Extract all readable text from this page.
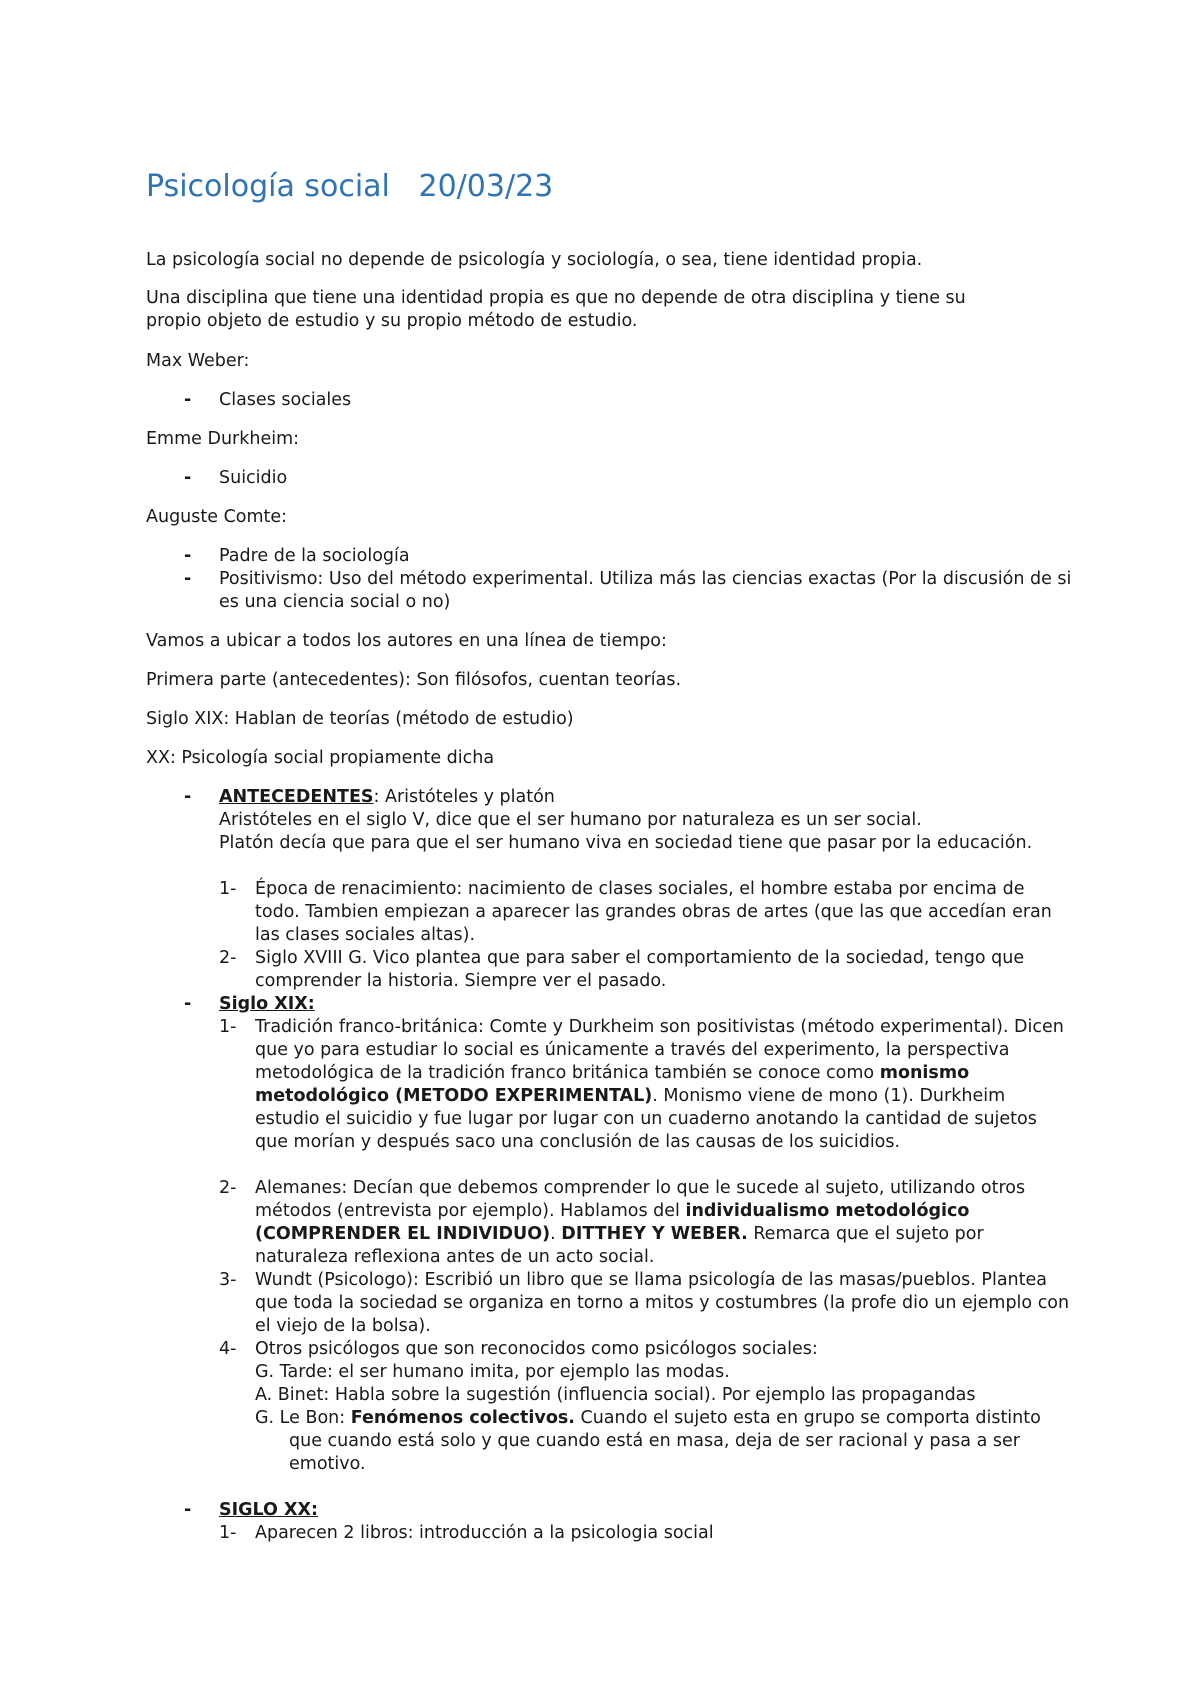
Psicología social   20/03/23

La psicología social no depende de psicología y sociología, o sea, tiene identidad propia.

Una disciplina que tiene una identidad propia es que no depende de otra disciplina y tiene su propio objeto de estudio y su propio método de estudio.

Max Weber:

- Clases sociales

Emme Durkheim:

- Suicidio

Auguste Comte:

- Padre de la sociología

- Positivismo: Uso del método experimental. Utiliza más las ciencias exactas (Por la discusión de si es una ciencia social o no)

Vamos a ubicar a todos los autores en una línea de tiempo:

Primera parte (antecedentes): Son filósofos, cuentan teorías.

Siglo XIX: Hablan de teorías (método de estudio)

XX: Psicología social propiamente dicha

- ANTECEDENTES: Aristóteles y platón
Aristóteles en el siglo V, dice que el ser humano por naturaleza es un ser social.
Platón decía que para que el ser humano viva en sociedad tiene que pasar por la educación.
1- Época de renacimiento: nacimiento de clases sociales, el hombre estaba por encima de todo. Tambien empiezan a aparecer las grandes obras de artes (que las que accedían eran las clases sociales altas).

2- Siglo XVIII G. Vico plantea que para saber el comportamiento de la sociedad, tengo que comprender la historia. Siempre ver el pasado.

- Siglo XIX:

1- Tradición franco-británica: Comte y Durkheim son positivistas (método experimental). Dicen que yo para estudiar lo social es únicamente a través del experimento, la perspectiva metodológica de la tradición franco británica también se conoce como monismo metodológico (METODO EXPERIMENTAL). Monismo viene de mono (1). Durkheim estudio el suicidio y fue lugar por lugar con un cuaderno anotando la cantidad de sujetos que morían y después saco una conclusión de las causas de los suicidios.

2- Alemanes: Decían que debemos comprender lo que le sucede al sujeto, utilizando otros métodos (entrevista por ejemplo). Hablamos del individualismo metodológico (COMPRENDER EL INDIVIDUO). DITTHEY Y WEBER. Remarca que el sujeto por naturaleza reflexiona antes de un acto social.

3- Wundt (Psicologo): Escribió un libro que se llama psicología de las masas/pueblos. Plantea que toda la sociedad se organiza en torno a mitos y costumbres (la profe dio un ejemplo con el viejo de la bolsa).

4- Otros psicólogos que son reconocidos como psicólogos sociales:
G. Tarde: el ser humano imita, por ejemplo las modas.
A. Binet: Habla sobre la sugestión (influencia social). Por ejemplo las propagandas
G. Le Bon: Fenómenos colectivos. Cuando el sujeto esta en grupo se comporta distinto que cuando está solo y que cuando está en masa, deja de ser racional y pasa a ser emotivo.
- SIGLO XX:

1- Aparecen 2 libros: introducción a la psicologia social
